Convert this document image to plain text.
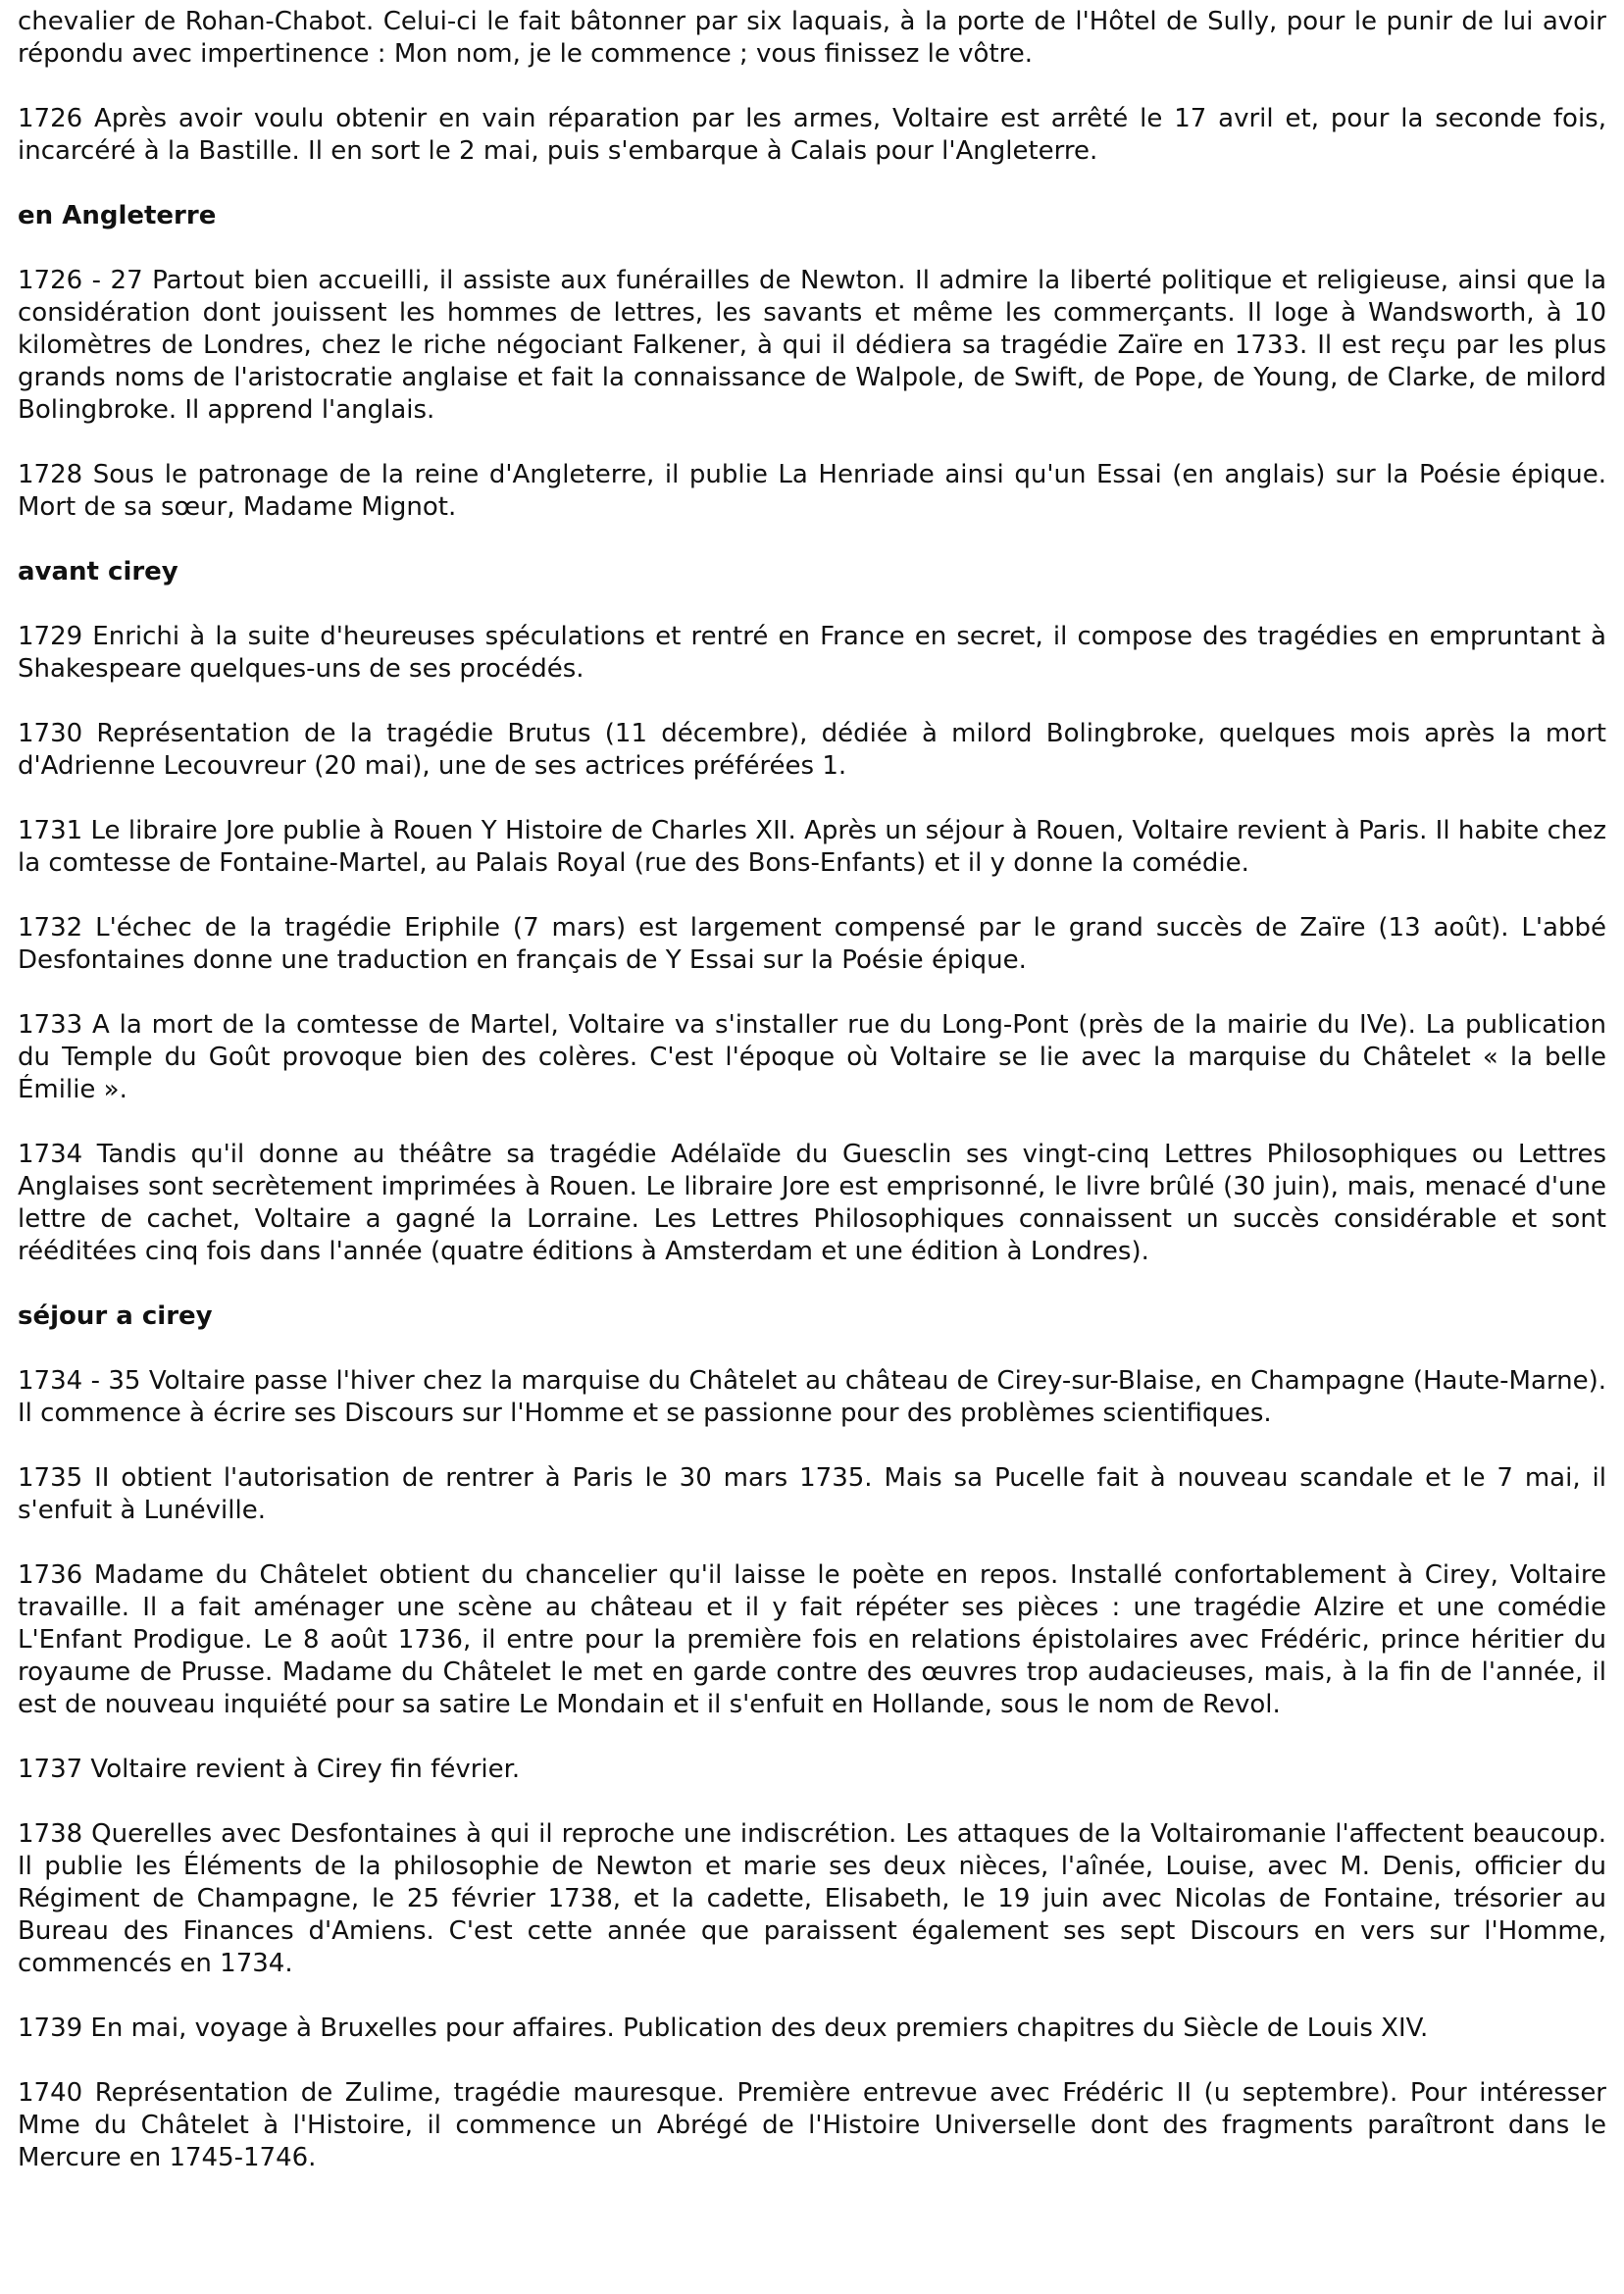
chevalier de Rohan-Chabot. Celui-ci le fait bâtonner par six laquais, à la porte de l'Hôtel de Sully, pour le punir de lui avoir répondu avec impertinence : Mon nom, je le commence ; vous finissez le vôtre.

1726 Après avoir voulu obtenir en vain réparation par les armes, Voltaire est arrêté le 17 avril et, pour la seconde fois, incarcéré à la Bastille. Il en sort le 2 mai, puis s'embarque à Calais pour l'Angleterre.

en Angleterre

1726 - 27 Partout bien accueilli, il assiste aux funérailles de Newton. Il admire la liberté politique et religieuse, ainsi que la considération dont jouissent les hommes de lettres, les savants et même les commerçants. Il loge à Wandsworth, à 10 kilomètres de Londres, chez le riche négociant Falkener, à qui il dédiera sa tragédie Zaïre en 1733. Il est reçu par les plus grands noms de l'aristocratie anglaise et fait la connaissance de Walpole, de Swift, de Pope, de Young, de Clarke, de milord Bolingbroke. Il apprend l'anglais.

1728 Sous le patronage de la reine d'Angleterre, il publie La Henriade ainsi qu'un Essai (en anglais) sur la Poésie épique. Mort de sa sœur, Madame Mignot.

avant cirey

1729 Enrichi à la suite d'heureuses spéculations et rentré en France en secret, il compose des tragédies en empruntant à Shakespeare quelques-uns de ses procédés.

1730 Représentation de la tragédie Brutus (11 décembre), dédiée à milord Bolingbroke, quelques mois après la mort d'Adrienne Lecouvreur (20 mai), une de ses actrices préférées 1.

1731 Le libraire Jore publie à Rouen Y Histoire de Charles XII. Après un séjour à Rouen, Voltaire revient à Paris. Il habite chez la comtesse de Fontaine-Martel, au Palais Royal (rue des Bons-Enfants) et il y donne la comédie.

1732 L'échec de la tragédie Eriphile (7 mars) est largement compensé par le grand succès de Zaïre (13 août). L'abbé Desfontaines donne une traduction en français de Y Essai sur la Poésie épique.

1733 A la mort de la comtesse de Martel, Voltaire va s'installer rue du Long-Pont (près de la mairie du IVe). La publication du Temple du Goût provoque bien des colères. C'est l'époque où Voltaire se lie avec la marquise du Châtelet « la belle Émilie ».

1734 Tandis qu'il donne au théâtre sa tragédie Adélaïde du Guesclin ses vingt-cinq Lettres Philosophiques ou Lettres Anglaises sont secrètement imprimées à Rouen. Le libraire Jore est emprisonné, le livre brûlé (30 juin), mais, menacé d'une lettre de cachet, Voltaire a gagné la Lorraine. Les Lettres Philosophiques connaissent un succès considérable et sont rééditées cinq fois dans l'année (quatre éditions à Amsterdam et une édition à Londres).

séjour a cirey

1734 - 35 Voltaire passe l'hiver chez la marquise du Châtelet au château de Cirey-sur-Blaise, en Champagne (Haute-Marne). Il commence à écrire ses Discours sur l'Homme et se passionne pour des problèmes scientifiques.

1735 II obtient l'autorisation de rentrer à Paris le 30 mars 1735. Mais sa Pucelle fait à nouveau scandale et le 7 mai, il s'enfuit à Lunéville.

1736 Madame du Châtelet obtient du chancelier qu'il laisse le poète en repos. Installé confortablement à Cirey, Voltaire travaille. Il a fait aménager une scène au château et il y fait répéter ses pièces : une tragédie Alzire et une comédie L'Enfant Prodigue. Le 8 août 1736, il entre pour la première fois en relations épistolaires avec Frédéric, prince héritier du royaume de Prusse. Madame du Châtelet le met en garde contre des œuvres trop audacieuses, mais, à la fin de l'année, il est de nouveau inquiété pour sa satire Le Mondain et il s'enfuit en Hollande, sous le nom de Revol.

1737 Voltaire revient à Cirey fin février.

1738 Querelles avec Desfontaines à qui il reproche une indiscrétion. Les attaques de la Voltairomanie l'affectent beaucoup. Il publie les Éléments de la philosophie de Newton et marie ses deux nièces, l'aînée, Louise, avec M. Denis, officier du Régiment de Champagne, le 25 février 1738, et la cadette, Elisabeth, le 19 juin avec Nicolas de Fontaine, trésorier au Bureau des Finances d'Amiens. C'est cette année que paraissent également ses sept Discours en vers sur l'Homme, commencés en 1734.

1739 En mai, voyage à Bruxelles pour affaires. Publication des deux premiers chapitres du Siècle de Louis XIV.

1740 Représentation de Zulime, tragédie mauresque. Première entrevue avec Frédéric II (u septembre). Pour intéresser Mme du Châtelet à l'Histoire, il commence un Abrégé de l'Histoire Universelle dont des fragments paraîtront dans le Mercure en 1745-1746.
